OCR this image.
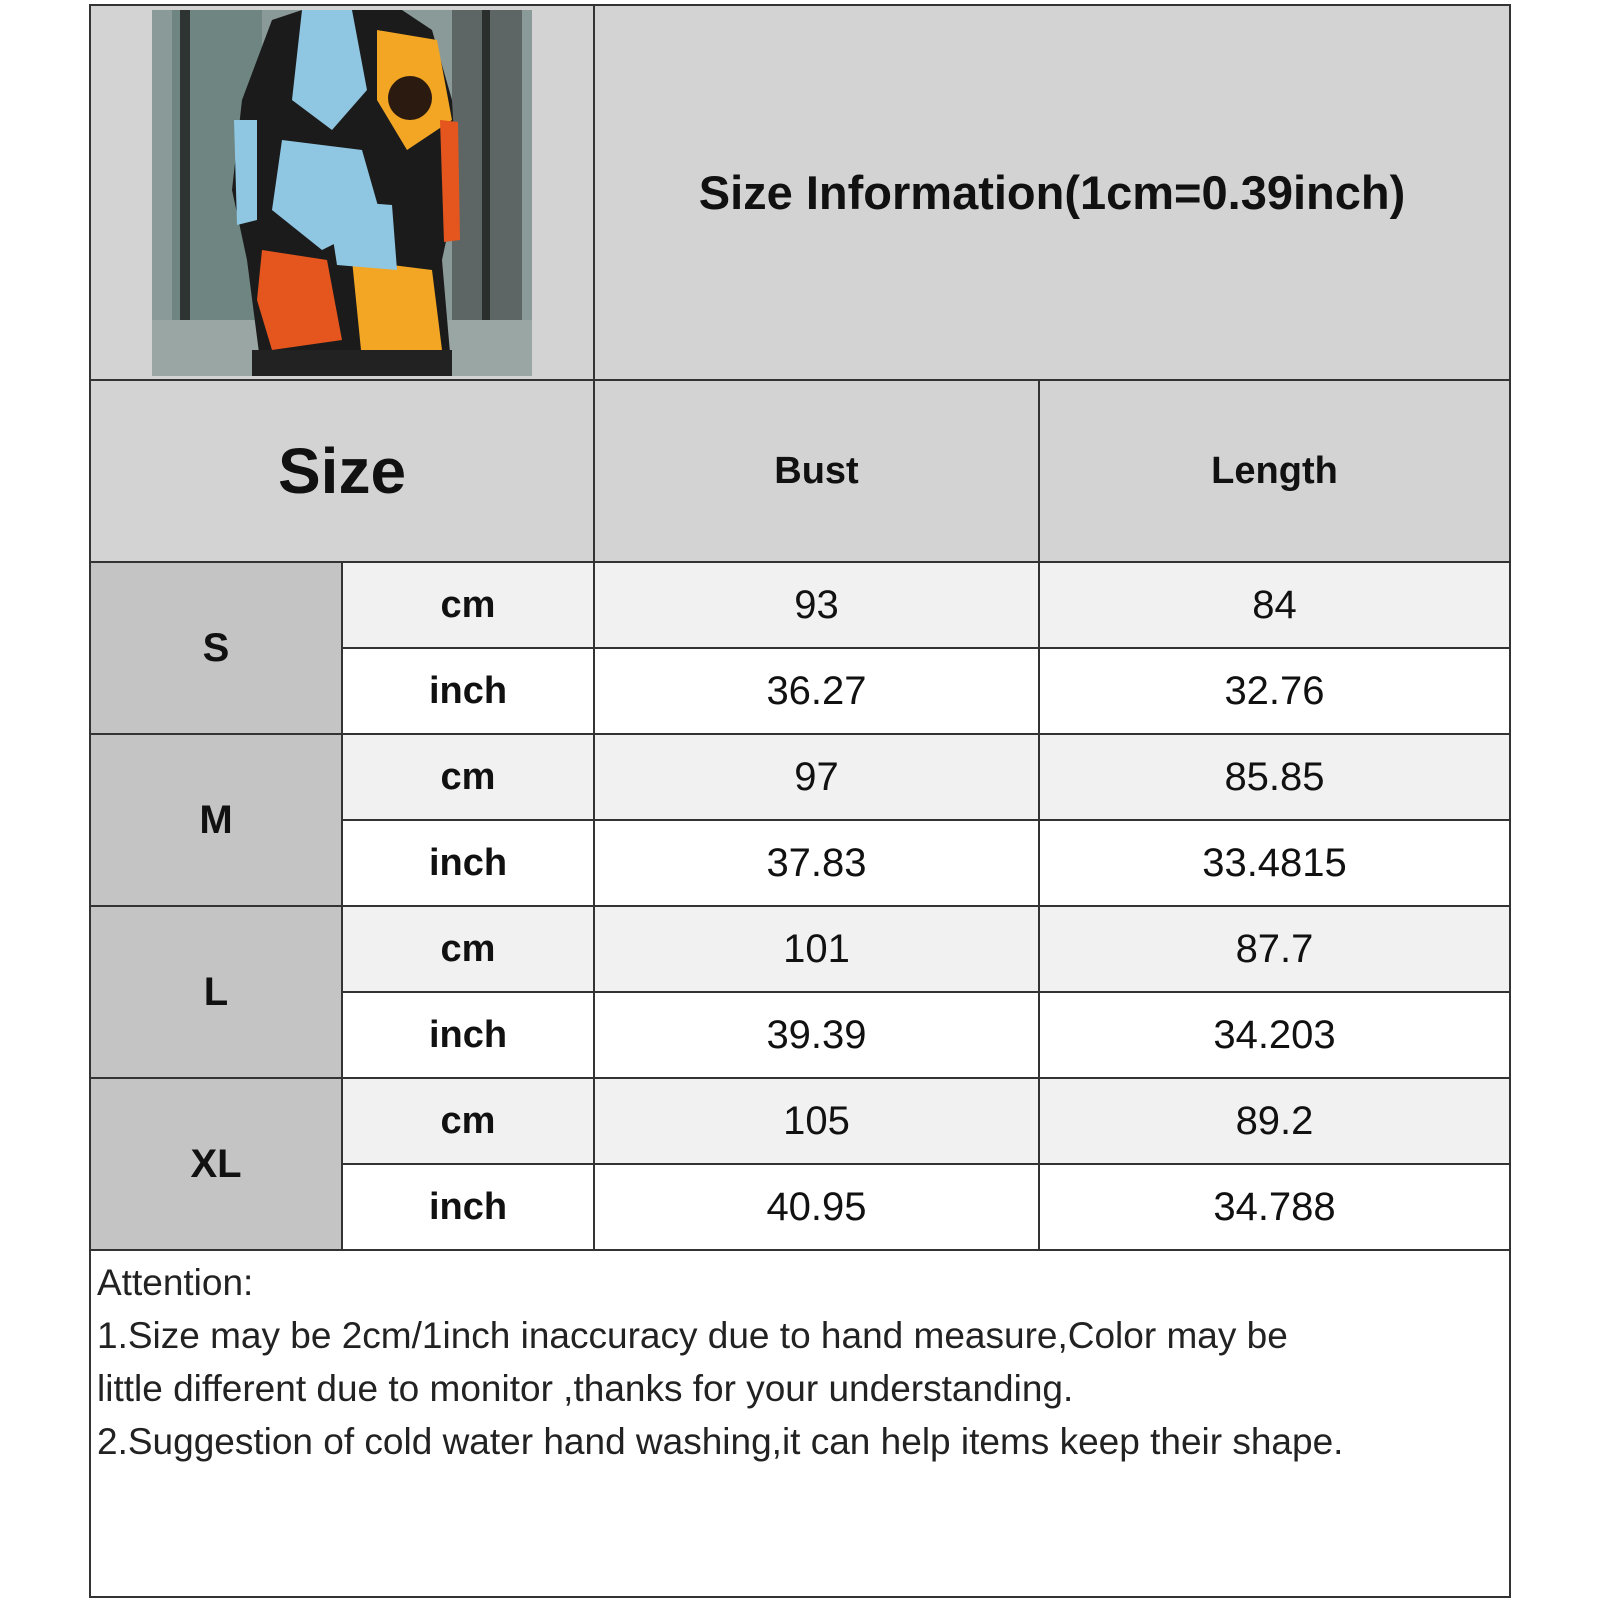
Size Information(1cm=0.39inch)
Size	Bust	Length
S
cm	93	84
inch	36.27	32.76
M
cm	97	85.85
inch	37.83	33.4815
L
cm	101	87.7
inch	39.39	34.203
XL
cm	105	89.2
inch	40.95	34.788
Attention:
1.Size may be 2cm/1inch inaccuracy due to hand measure,Color may be
little different due to monitor ,thanks for your understanding.
2.Suggestion of cold water hand washing,it can help items keep their shape.
